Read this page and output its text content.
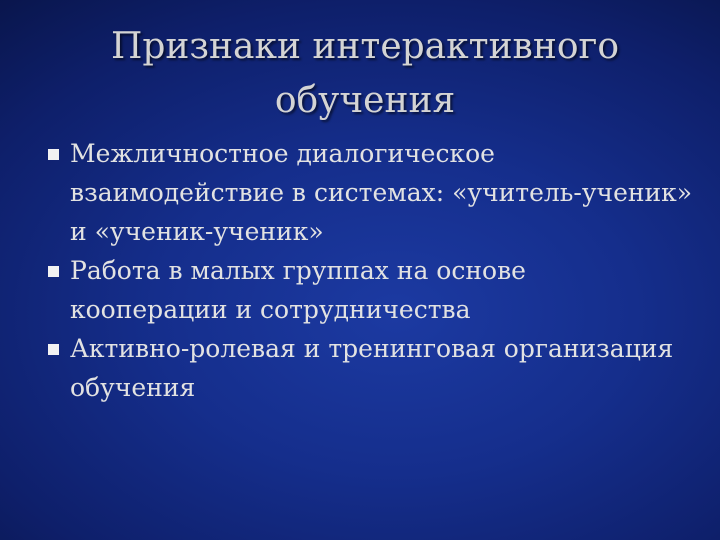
Признаки интерактивного
обучения
Межличностное диалогическое
взаимодействие в системах: «учитель-ученик»
и «ученик-ученик»
Работа в малых группах на основе
кооперации и сотрудничества
Активно-ролевая и тренинговая организация
обучения
